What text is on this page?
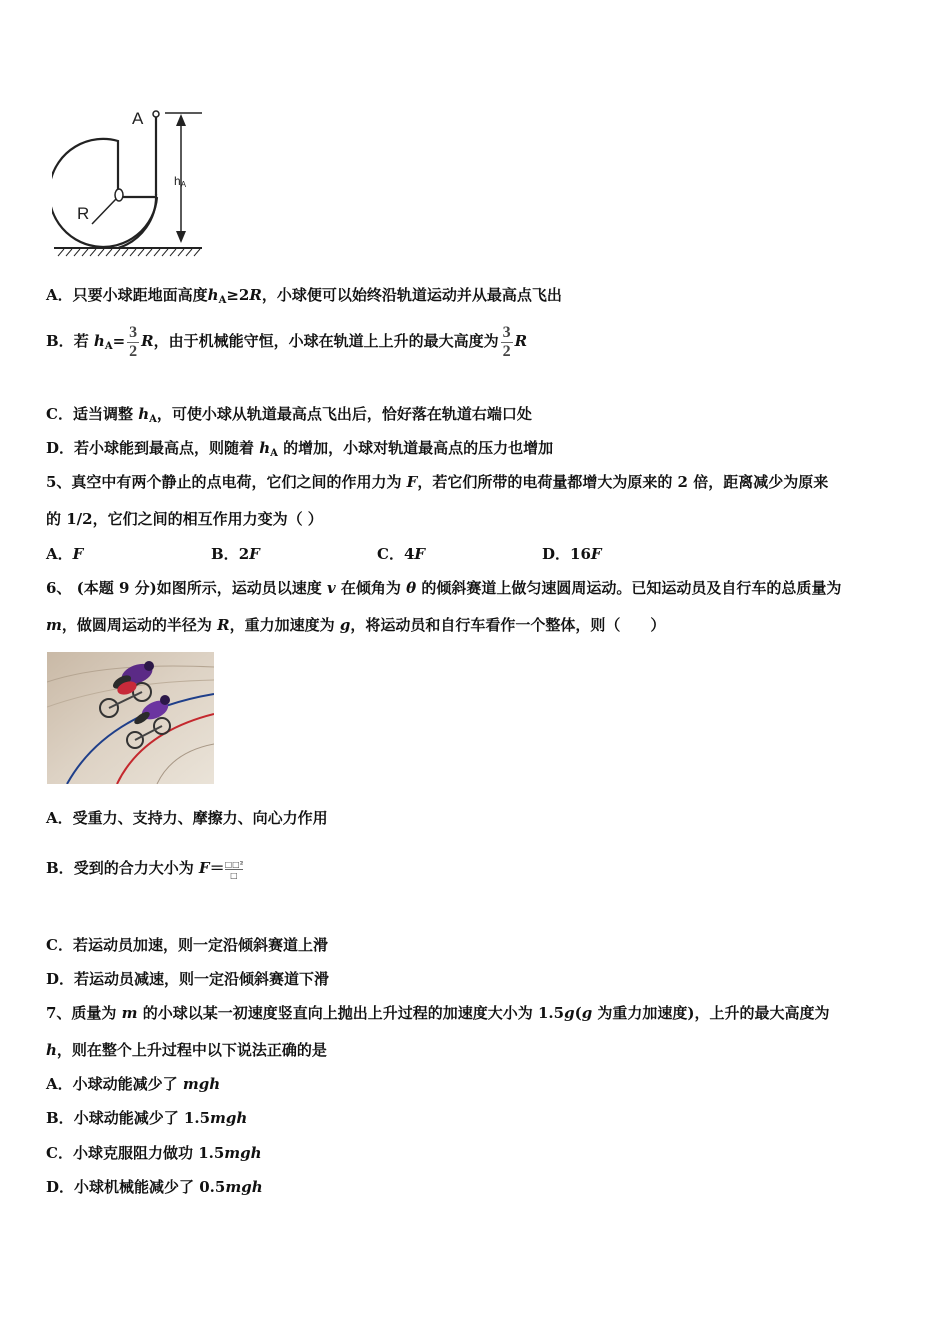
A
R
hA
A．只要小球距地面高度$h_A\ge 2R$，小球便可以始终沿轨道运动并从最高点飞出
B．若 $h_A= \frac{3}{2}$ R，由于机械能守恒，小球在轨道上上升的最大高度为 $\frac{3}{2}$ R
C．适当调整 $h_A$，可使小球从轨道最高点飞出后，恰好落在轨道右端口处
D．若小球能到最高点，则随着 $h_A$ 的增加，小球对轨道最高点的压力也增加
5、真空中有两个静止的点电荷，它们之间的作用力为 F，若它们所带的电荷量都增大为原来的 2 倍，距离减少为原来
的 1/2，它们之间的相互作用力变为（ ）
A．F	B．2F	C．4F	D．16F
6、 (本题 9 分)如图所示，运动员以速度 v 在倾角为 θ 的倾斜赛道上做匀速圆周运动。已知运动员及自行车的总质量为
m，做圆周运动的半径为 R，重力加速度为 g，将运动员和自行车看作一个整体，则（　　）
A．受重力、支持力、摩擦力、向心力作用
B．受到的合力大小为 $F= \frac{\text{□□²}}{□}$
C．若运动员加速，则一定沿倾斜赛道上滑
D．若运动员减速，则一定沿倾斜赛道下滑
7、质量为 m 的小球以某一初速度竖直向上抛出上升过程的加速度大小为 1.5g(g 为重力加速度)，上升的最大高度为
h，则在整个上升过程中以下说法正确的是
A．小球动能减少了 mgh
B．小球动能减少了 1.5mgh
C．小球克服阻力做功 1.5mgh
D．小球机械能减少了 0.5mgh
